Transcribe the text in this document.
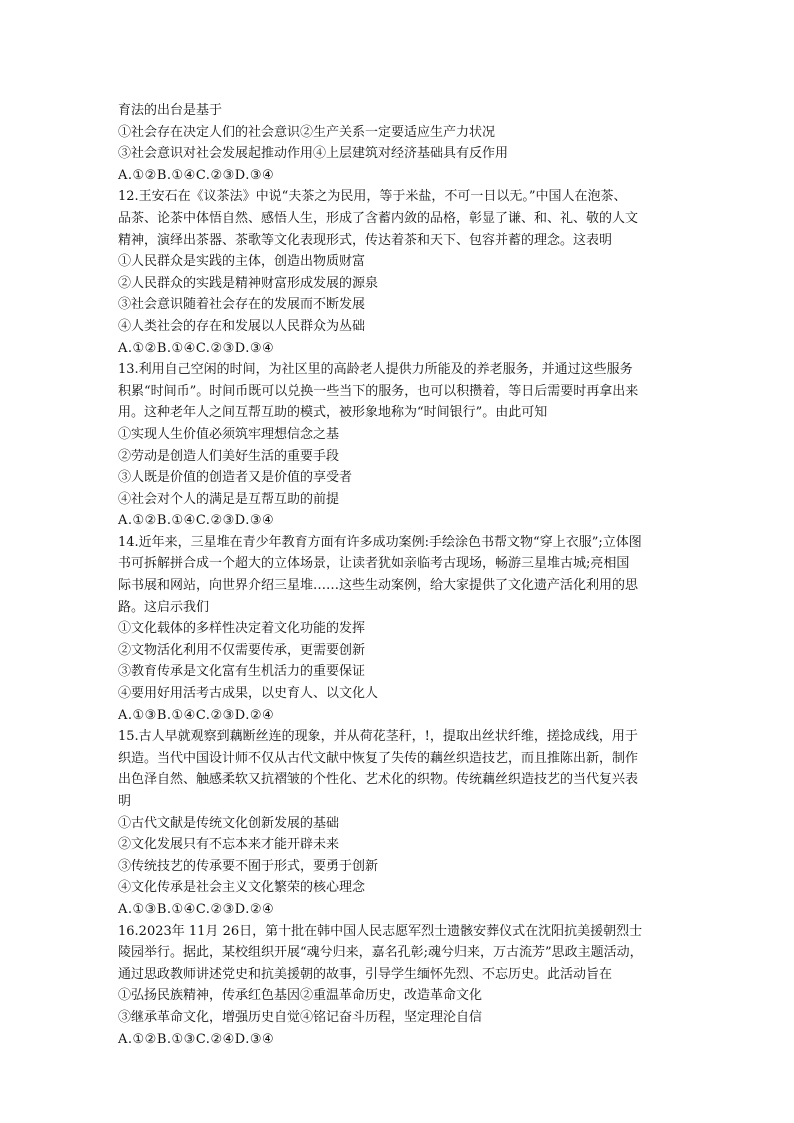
育法的出台是基于
①社会存在决定人们的社会意识②生产关系一定要适应生产力状况
③社会意识对社会发展起推动作用④上层建筑对经济基础具有反作用
A.①②B.①④C.②③D.③④
12.王安石在《议茶法》中说“夫茶之为民用，等于米盐，不可一日以无。”中国人在泡茶、
品茶、论茶中体悟自然、感悟人生，形成了含蓄内敛的品格，彰显了谦、和、礼、敬的人文
精神，演绎出茶器、茶歌等文化表现形式，传达着茶和天下、包容并蓄的理念。这表明
①人民群众是实践的主体，创造出物质财富
②人民群众的实践是精神财富形成发展的源泉
③社会意识随着社会存在的发展而不断发展
④人类社会的存在和发展以人民群众为丛础
A.①②B.①④C.②③D.③④
13.利用自己空闲的时间，为社区里的高龄老人提供力所能及的养老服务，并通过这些服务
积累“时间币”。时间币既可以兑换一些当下的服务，也可以积攒着，等日后需要时再拿出来
用。这种老年人之间互帮互助的模式，被形象地称为“时间银行”。由此可知
①实现人生价值必须筑牢理想信念之基
②劳动是创造人们美好生活的重要手段
③人既是价值的创造者又是价值的享受者
④社会对个人的满足是互帮互助的前提
A.①②B.①④C.②③D.③④
14.近年来，三星堆在青少年教育方面有许多成功案例:手绘涂色书帮文物“穿上衣服”;立体图
书可拆解拼合成一个超大的立体场景，让读者犹如亲临考古现场，畅游三星堆古城;亮相国
际书展和网站，向世界介绍三星堆……这些生动案例，给大家提供了文化遗产活化利用的思
路。这启示我们
①文化载体的多样性决定着文化功能的发挥
②文物活化利用不仅需要传承，更需要创新
③教育传承是文化富有生机活力的重要保证
④要用好用活考古成果，以史育人、以文化人
A.①③B.①④C.②③D.②④
15.古人早就观察到藕断丝连的现象，并从荷花茎秆，!，提取出丝状纤维，搓捻成线，用于
织造。当代中国设计师不仅从古代文献中恢复了失传的藕丝织造技艺，而且推陈出新，制作
出色泽自然、触感柔软又抗褶皱的个性化、艺术化的织物。传统藕丝织造技艺的当代复兴表
明
①古代文献是传统文化创新发展的基础
②文化发展只有不忘本来才能开辟未来
③传统技艺的传承要不囿于形式，要勇于创新
④文化传承是社会主义文化繁荣的核心理念
A.①③B.①④C.②③D.②④
16.2023年 11月 26日，第十批在韩中国人民志愿军烈士遗骸安葬仪式在沈阳抗美援朝烈士
陵园举行。据此，某校组织开展“魂兮归来，嘉名孔彰;魂兮归来，万古流芳”思政主题活动，
通过思政教师讲述党史和抗美援朝的故事，引导学生缅怀先烈、不忘历史。此活动旨在
①弘扬民族精神，传承红色基因②重温革命历史，改造革命文化
③继承革命文化，增强历史自觉④铭记奋斗历程，坚定理沦自信
A.①②B.①③C.②④D.③④
